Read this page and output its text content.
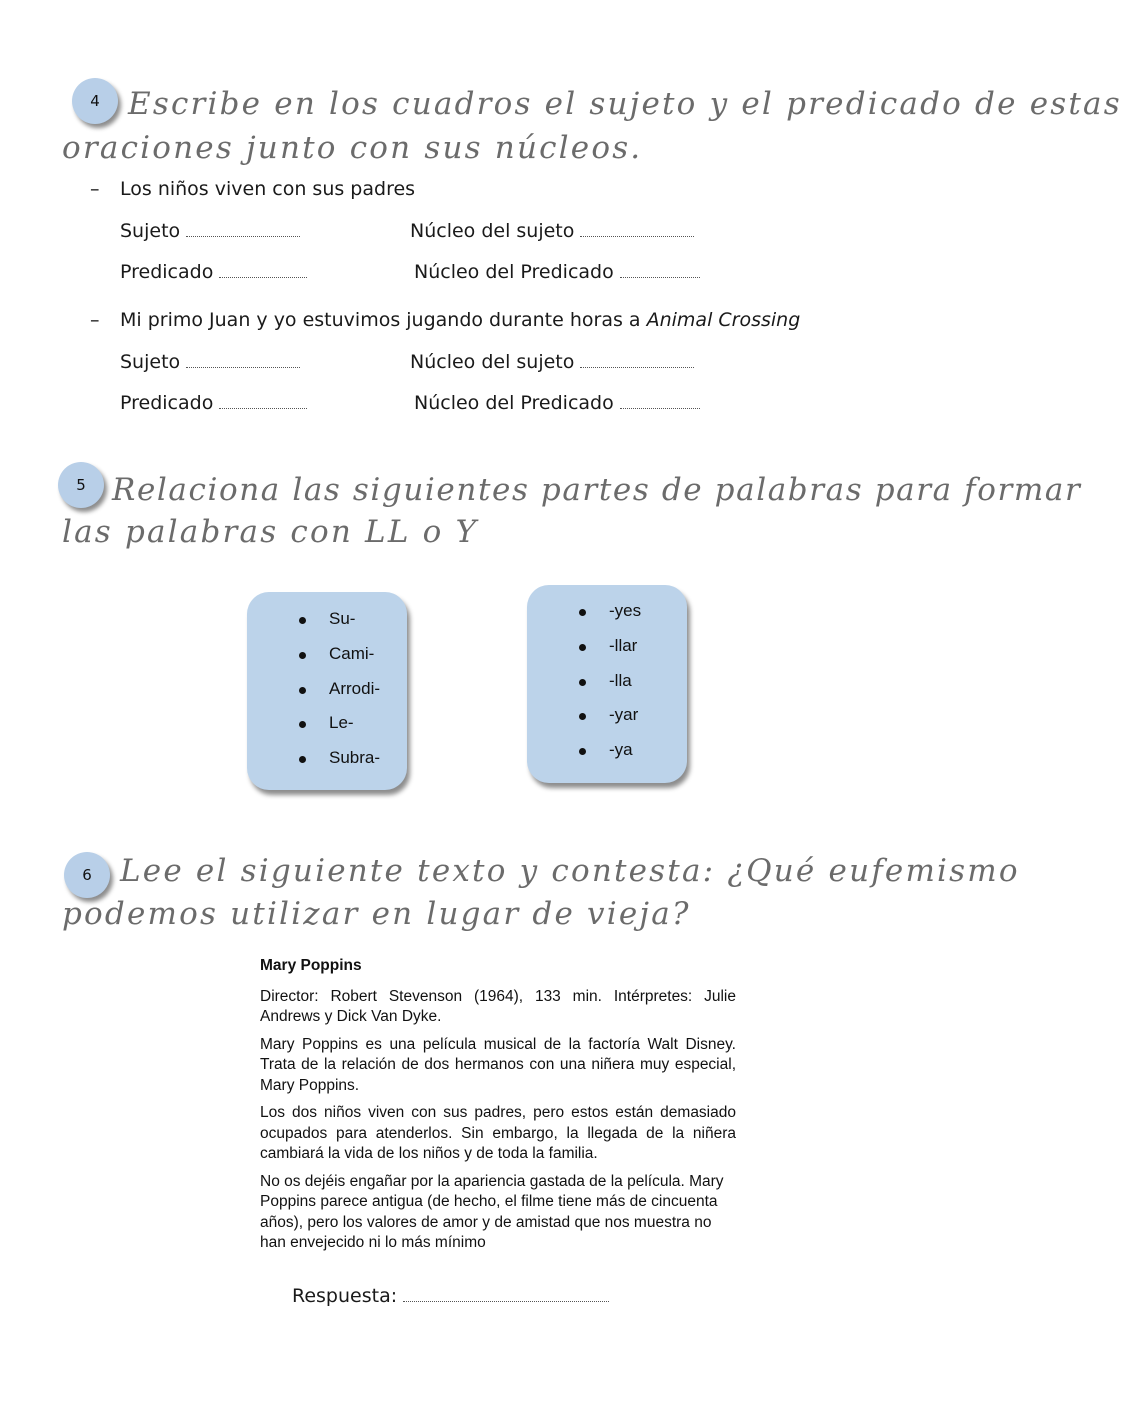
4 Escribe en los cuadros el sujeto y el predicado de estas
oraciones junto con sus núcleos.
– Los niños viven con sus padres
Sujeto	Núcleo del sujeto
Predicado	Núcleo del Predicado
– Mi primo Juan y yo estuvimos jugando durante horas a Animal Crossing
Sujeto	Núcleo del sujeto
Predicado	Núcleo del Predicado
5 Relaciona las siguientes partes de palabras para formar
las palabras con LL o Y
Su-
Cami-
Arrodi-
Le-
Subra-
-yes
-llar
-lla
-yar
-ya
6 Lee el siguiente texto y contesta: ¿Qué eufemismo
podemos utilizar en lugar de vieja?
Mary Poppins

Director: Robert Stevenson (1964), 133 min. Intérpretes: Julie Andrews y Dick Van Dyke.

Mary Poppins es una película musical de la factoría Walt Disney. Trata de la relación de dos hermanos con una niñera muy especial, Mary Poppins.

Los dos niños viven con sus padres, pero estos están demasiado ocupados para atenderlos. Sin embargo, la llegada de la niñera cambiará la vida de los niños y de toda la familia.

No os dejéis engañar por la apariencia gastada de la película. Mary Poppins parece antigua (de hecho, el filme tiene más de cincuenta años), pero los valores de amor y de amistad que nos muestra no han envejecido ni lo más mínimo

Respuesta:
